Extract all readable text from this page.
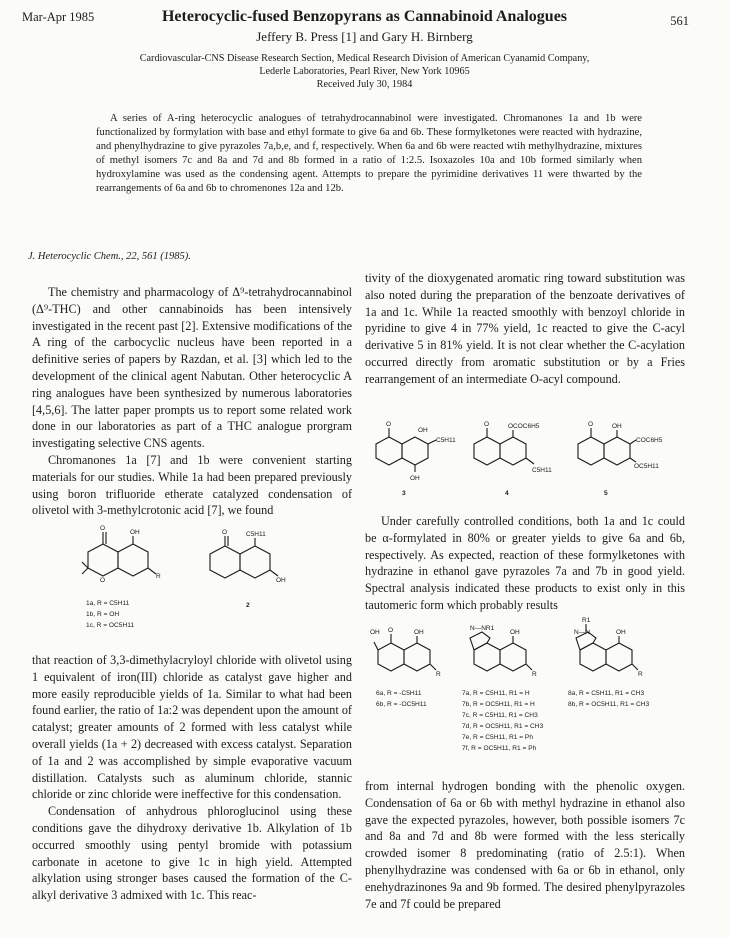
Mar-Apr 1985	Heterocyclic-fused Benzopyrans as Cannabinoid Analogues	561
Jeffery B. Press [1] and Gary H. Birnberg
Cardiovascular-CNS Disease Research Section, Medical Research Division of American Cyanamid Company,
Lederle Laboratories, Pearl River, New York 10965
Received July 30, 1984

A series of A-ring heterocyclic analogues of tetrahydrocannabinol were investigated. Chromanones 1a and 1b were functionalized by formylation with base and ethyl formate to give 6a and 6b. These formylketones were reacted with hydrazine, and phenylhydrazine to give pyrazoles 7a,b,e, and f, respectively. When 6a and 6b were reacted wtih methylhydrazine, mixtures of methyl isomers 7c and 8a and 7d and 8b formed in a ratio of 1:2.5. Isoxazoles 10a and 10b formed similarly when hydroxylamine was used as the condensing agent. Attempts to prepare the pyrimidine derivatives 11 were thwarted by the rearrangements of 6a and 6b to chromenones 12a and 12b.

J. Heterocyclic Chem., 22, 561 (1985).

The chemistry and pharmacology of Δ⁹-tetrahydrocannabinol (Δ⁹-THC) and other cannabinoids has been intensively investigated in the recent past [2]. Extensive modifications of the A ring of the carbocyclic nucleus have been reported in a definitive series of papers by Razdan, et al. [3] which led to the development of the clinical agent Nabutan. Other heterocyclic A ring analogues have been synthesized by numerous laboratories [4,5,6]. The latter paper prompts us to report some related work done in our laboratories as part of a THC analogue prorgram investigating selective CNS agents.

Chromanones 1a [7] and 1b were convenient starting materials for our studies. While 1a had been prepared previously using boron trifluoride etherate catalyzed condensation of olivetol with 3-methylcrotonic acid [7], we found

O
OH
R
O
1a, R = C5H11
1b, R = OH
1c, R = OC5H11
O	C5H11
OH
2

that reaction of 3,3-dimethylacryloyl chloride with olivetol using 1 equivalent of iron(III) chloride as catalyst gave higher and more easily reproducible yields of 1a. Similar to what had been found earlier, the ratio of 1a:2 was dependent upon the amount of catalyst; greater amounts of 2 formed with less catalyst while overall yields (1a + 2) decreased with excess catalyst. Separation of 1a and 2 was accomplished by simple evaporative vacuum distillation. Catalysts such as aluminum chloride, stannic chloride or zinc chloride were ineffective for this condensation.

Condensation of anhydrous phloroglucinol using these conditions gave the dihydroxy derivative 1b. Alkylation of 1b occurred smoothly using pentyl bromide with potassium carbonate in acetone to give 1c in high yield. Attempted alkylation using stronger bases caused the formation of the C-alkyl derivative 3 admixed with 1c. This reac-

tivity of the dioxygenated aromatic ring toward substitution was also noted during the preparation of the benzoate derivatives of 1a and 1c. While 1a reacted smoothly with benzoyl chloride in pyridine to give 4 in 77% yield, 1c reacted to give the C-acyl derivative 5 in 81% yield. It is not clear whether the C-acylation occurred directly from aromatic substitution or by a Fries rearrangement of an intermediate O-acyl compound.

O
OH
C5H11
OH
3
O	OCOC6H5
C5H11
4
O	OH
COC6H5
OC5H11
5

Under carefully controlled conditions, both 1a and 1c could be α-formylated in 80% or greater yields to give 6a and 6b, respectively. As expected, reaction of these formylketones with hydrazine in ethanol gave pyrazoles 7a and 7b in good yield. Spectral analysis indicated these products to exist only in this tautomeric form which probably results

OH O	OH
R
6a, R = -C5H11
6b, R = -OC5H11
N—NR1
OH
R
7a, R = C5H11, R1 = H
7b, R = OC5H11, R1 = H
7c, R = C5H11, R1 = CH3
7d, R = OC5H11, R1 = CH3
7e, R = C5H11, R1 = Ph
7f, R = OC5H11, R1 = Ph
R1
N—N	OH
R
8a, R = C5H11, R1 = CH3
8b, R = OC5H11, R1 = CH3

from internal hydrogen bonding with the phenolic oxygen. Condensation of 6a or 6b with methyl hydrazine in ethanol also gave the expected pyrazoles, however, both possible isomers 7c and 8a and 7d and 8b were formed with the less sterically crowded isomer 8 predominating (ratio of 2.5:1). When phenylhydrazine was condensed with 6a or 6b in ethanol, only enehydrazinones 9a and 9b formed. The desired phenylpyrazoles 7e and 7f could be prepared
